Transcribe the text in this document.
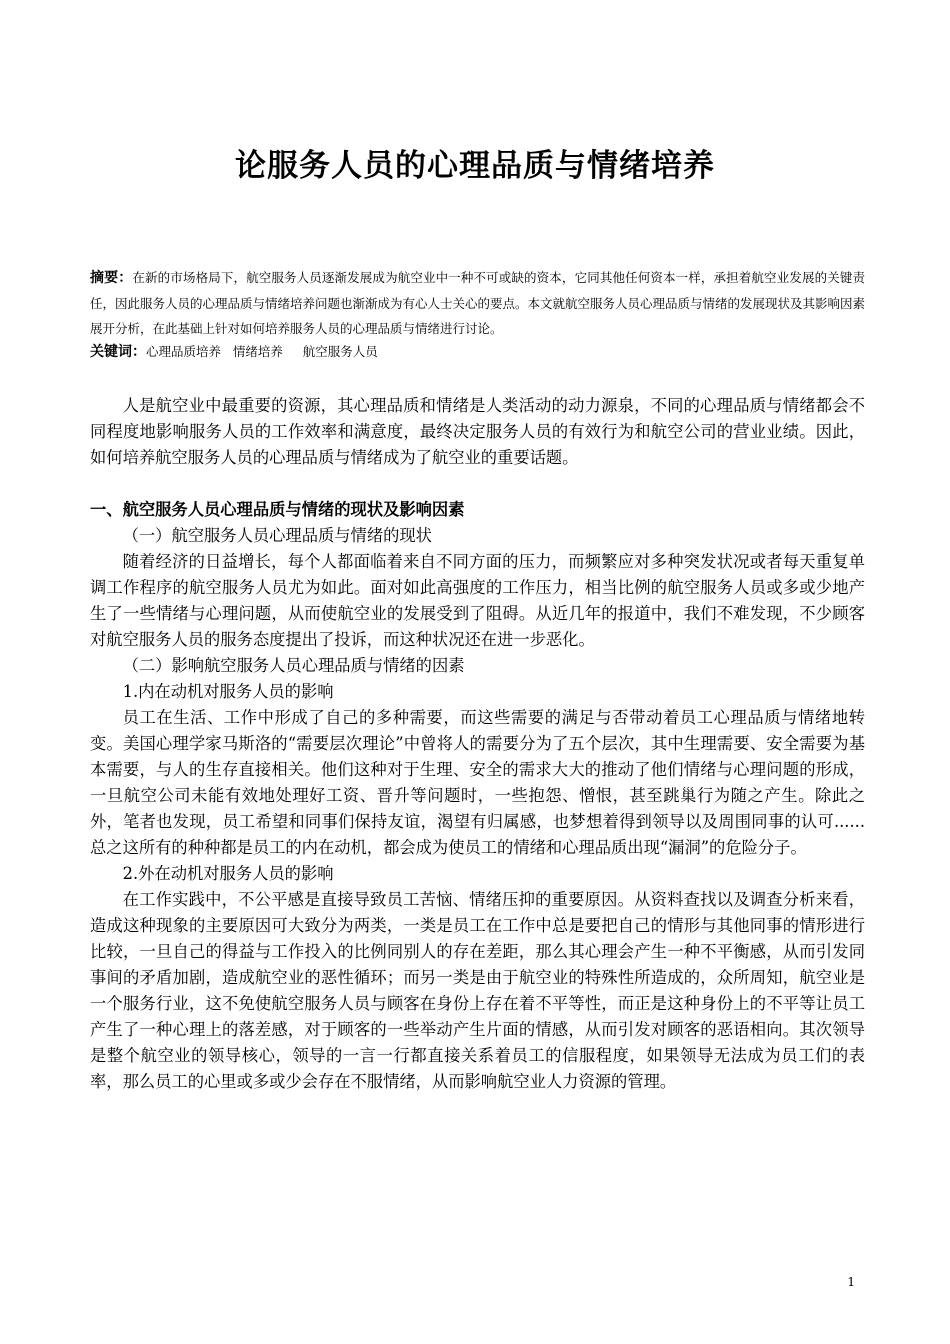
论服务人员的心理品质与情绪培养
摘要：在新的市场格局下，航空服务人员逐渐发展成为航空业中一种不可或缺的资本，它同其他任何资本一样，承担着航空业发展的关键责任，因此服务人员的心理品质与情绪培养问题也渐渐成为有心人士关心的要点。本文就航空服务人员心理品质与情绪的发展现状及其影响因素展开分析，在此基础上针对如何培养服务人员的心理品质与情绪进行讨论。
关键词：心理品质培养   情绪培养     航空服务人员

人是航空业中最重要的资源，其心理品质和情绪是人类活动的动力源泉，不同的心理品质与情绪都会不同程度地影响服务人员的工作效率和满意度，最终决定服务人员的有效行为和航空公司的营业业绩。因此，如何培养航空服务人员的心理品质与情绪成为了航空业的重要话题。

一、航空服务人员心理品质与情绪的现状及影响因素
（一）航空服务人员心理品质与情绪的现状

随着经济的日益增长，每个人都面临着来自不同方面的压力，而频繁应对多种突发状况或者每天重复单调工作程序的航空服务人员尤为如此。面对如此高强度的工作压力，相当比例的航空服务人员或多或少地产生了一些情绪与心理问题，从而使航空业的发展受到了阻碍。从近几年的报道中，我们不难发现，不少顾客对航空服务人员的服务态度提出了投诉，而这种状况还在进一步恶化。

（二）影响航空服务人员心理品质与情绪的因素
1.内在动机对服务人员的影响

员工在生活、工作中形成了自己的多种需要，而这些需要的满足与否带动着员工心理品质与情绪地转变。美国心理学家马斯洛的“需要层次理论”中曾将人的需要分为了五个层次，其中生理需要、安全需要为基本需要，与人的生存直接相关。他们这种对于生理、安全的需求大大的推动了他们情绪与心理问题的形成，一旦航空公司未能有效地处理好工资、晋升等问题时，一些抱怨、憎恨，甚至跳巢行为随之产生。除此之外，笔者也发现，员工希望和同事们保持友谊，渴望有归属感，也梦想着得到领导以及周围同事的认可......总之这所有的种种都是员工的内在动机，都会成为使员工的情绪和心理品质出现“漏洞”的危险分子。

2.外在动机对服务人员的影响

在工作实践中，不公平感是直接导致员工苦恼、情绪压抑的重要原因。从资料查找以及调查分析来看，造成这种现象的主要原因可大致分为两类，一类是员工在工作中总是要把自己的情形与其他同事的情形进行比较，一旦自己的得益与工作投入的比例同别人的存在差距，那么其心理会产生一种不平衡感，从而引发同事间的矛盾加剧，造成航空业的恶性循环；而另一类是由于航空业的特殊性所造成的，众所周知，航空业是一个服务行业，这不免使航空服务人员与顾客在身份上存在着不平等性，而正是这种身份上的不平等让员工产生了一种心理上的落差感，对于顾客的一些举动产生片面的情感，从而引发对顾客的恶语相向。其次领导是整个航空业的领导核心，领导的一言一行都直接关系着员工的信服程度，如果领导无法成为员工们的表率，那么员工的心里或多或少会存在不服情绪，从而影响航空业人力资源的管理。

1
